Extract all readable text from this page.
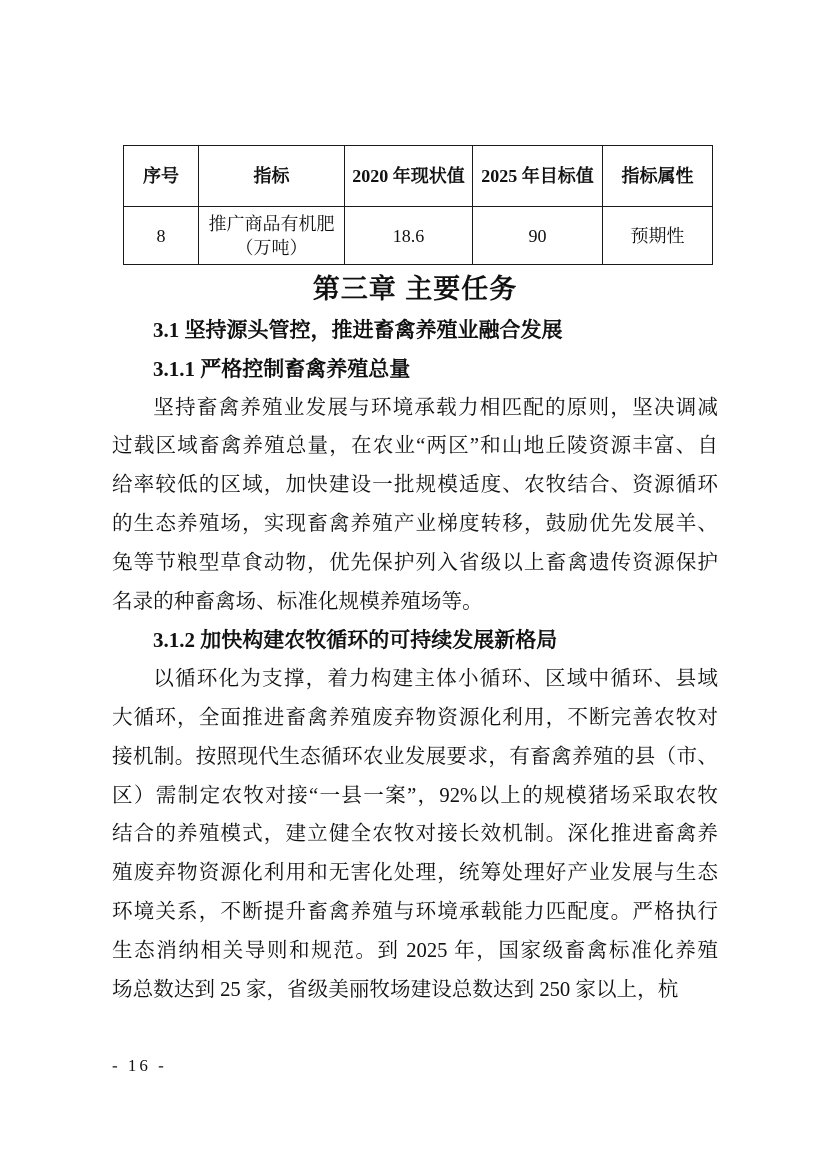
序号	指标	2020 年现状值	2025 年目标值	指标属性
8	推广商品有机肥（万吨）	18.6	90	预期性
第三章 主要任务
3.1 坚持源头管控，推进畜禽养殖业融合发展
3.1.1 严格控制畜禽养殖总量
坚持畜禽养殖业发展与环境承载力相匹配的原则，坚决调减
过载区域畜禽养殖总量，在农业“两区”和山地丘陵资源丰富、自
给率较低的区域，加快建设一批规模适度、农牧结合、资源循环
的生态养殖场，实现畜禽养殖产业梯度转移，鼓励优先发展羊、
兔等节粮型草食动物，优先保护列入省级以上畜禽遗传资源保护
名录的种畜禽场、标准化规模养殖场等。
3.1.2 加快构建农牧循环的可持续发展新格局
以循环化为支撑，着力构建主体小循环、区域中循环、县域
大循环，全面推进畜禽养殖废弃物资源化利用，不断完善农牧对
接机制。按照现代生态循环农业发展要求，有畜禽养殖的县（市、
区）需制定农牧对接“一县一案”，92%以上的规模猪场采取农牧
结合的养殖模式，建立健全农牧对接长效机制。深化推进畜禽养
殖废弃物资源化利用和无害化处理，统筹处理好产业发展与生态
环境关系，不断提升畜禽养殖与环境承载能力匹配度。严格执行
生态消纳相关导则和规范。到 2025 年，国家级畜禽标准化养殖
场总数达到 25 家，省级美丽牧场建设总数达到 250 家以上，杭
- 16 -
